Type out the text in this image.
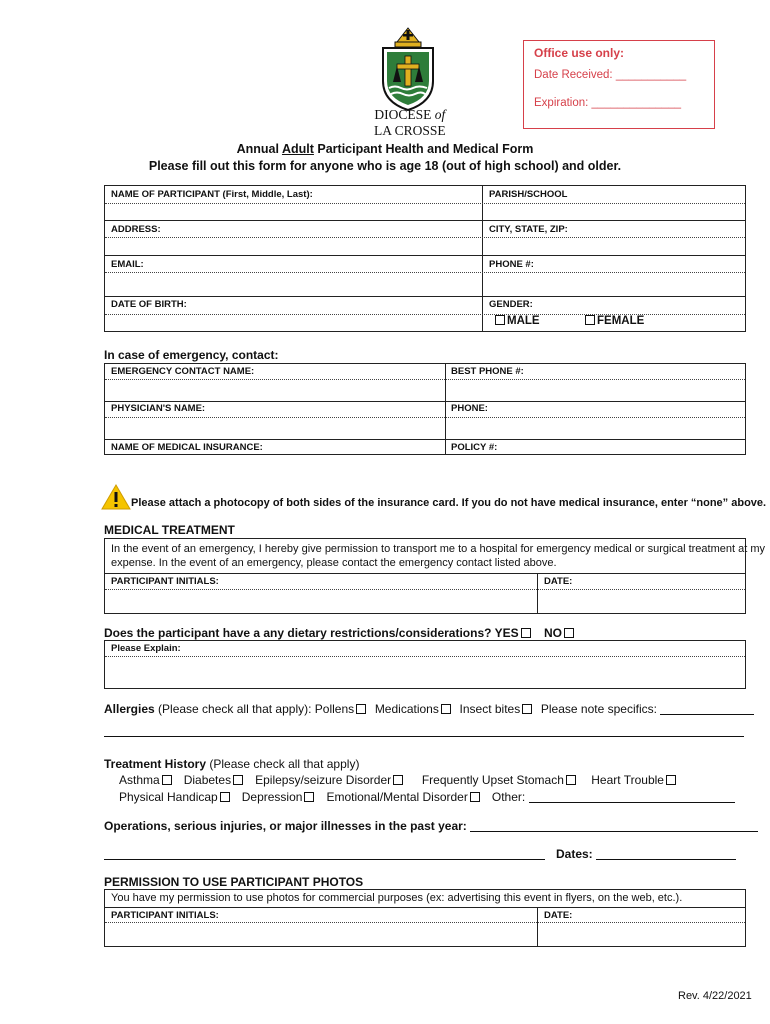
DIOCESE of
LA CROSSE
Office use only:
Date Received: ___________
Expiration: ______________
Annual Adult Participant Health and Medical Form
Please fill out this form for anyone who is age 18 (out of high school) and older.
NAME OF PARTICIPANT (First, Middle, Last):	PARISH/SCHOOL
ADDRESS:	CITY, STATE, ZIP:
EMAIL:	PHONE #:
DATE OF BIRTH:	GENDER:
MALE	FEMALE
In case of emergency, contact:
EMERGENCY CONTACT NAME:	BEST PHONE #:
PHYSICIAN'S NAME:	PHONE:
NAME OF MEDICAL INSURANCE:	POLICY #:
Please attach a photocopy of both sides of the insurance card. If you do not have medical insurance, enter “none” above.
MEDICAL TREATMENT
In the event of an emergency, I hereby give permission to transport me to a hospital for emergency medical or surgical treatment at my
expense. In the event of an emergency, please contact the emergency contact listed above.
PARTICIPANT INITIALS:	DATE:
Does the participant have a any dietary restrictions/considerations? YES	NO
Please Explain:
Allergies (Please check all that apply): Pollens Medications Insect bites Please note specifics:
Treatment History (Please check all that apply)
Asthma Diabetes Epilepsy/seizure Disorder	Frequently Upset Stomach Heart Trouble
Physical Handicap Depression Emotional/Mental Disorder Other:
Operations, serious injuries, or major illnesses in the past year:
Dates:
PERMISSION TO USE PARTICIPANT PHOTOS
You have my permission to use photos for commercial purposes (ex: advertising this event in flyers, on the web, etc.).
PARTICIPANT INITIALS:	DATE:
Rev. 4/22/2021
